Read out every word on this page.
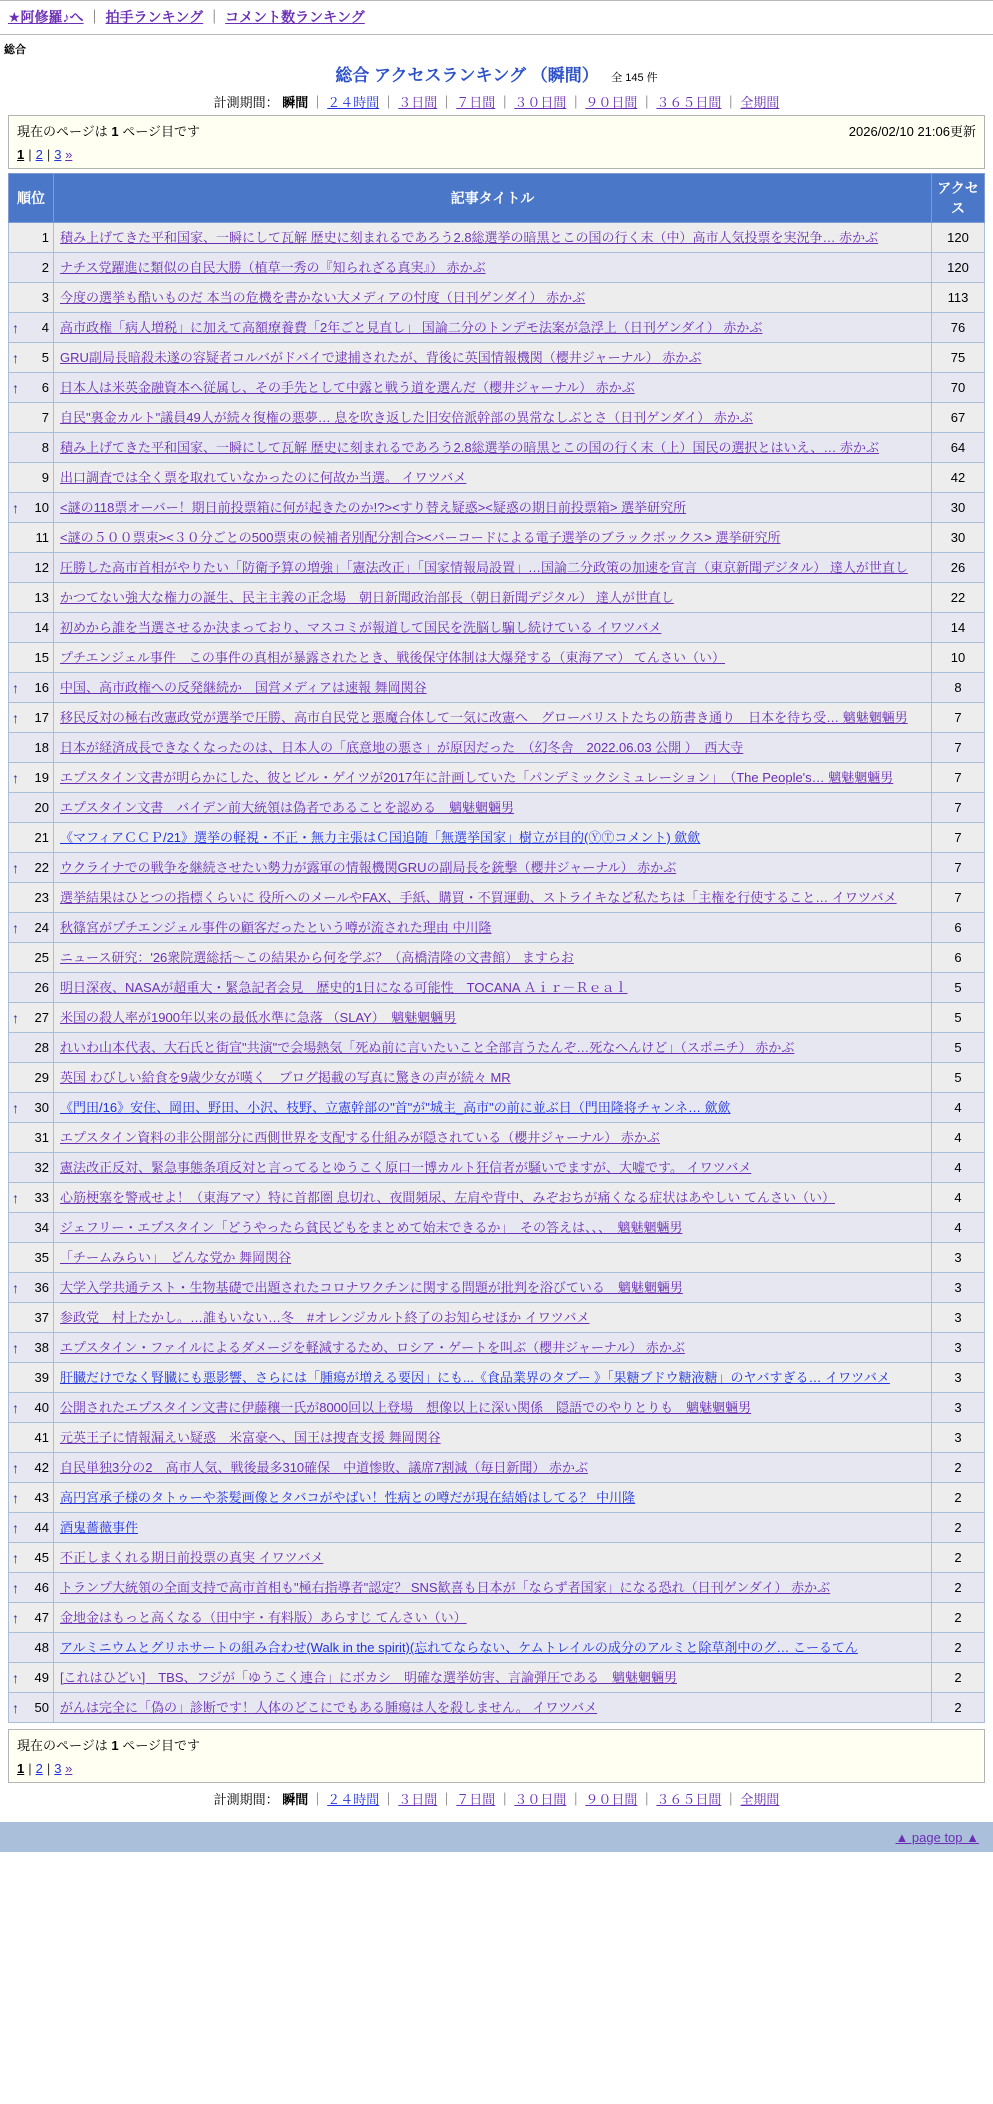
★阿修羅♪へ ｜ 拍手ランキング ｜ コメント数ランキング
総合
総合 アクセスランキング （瞬間） 全 145 件
計測期間： 瞬間 ｜ ２４時間 ｜ ３日間 ｜ ７日間 ｜ ３０日間 ｜ ９０日間 ｜ ３６５日間 ｜ 全期間
現在のページは 1 ページ目です	2026/02/10 21:06更新
1 | 2 | 3 »
順位	記事タイトル	アクセス

1	積み上げてきた平和国家、一瞬にして瓦解 歴史に刻まれるであろう2.8総選挙の暗黒とこの国の行く末（中）高市人気投票を実況争… 赤かぶ	120

2	ナチス党躍進に類似の自民大勝（植草一秀の『知られざる真実』） 赤かぶ	120

3	今度の選挙も酷いものだ 本当の危機を書かない大メディアの忖度（日刊ゲンダイ） 赤かぶ	113

↑ 4	高市政権「病人増税」に加えて高額療養費「2年ごと見直し」 国論二分のトンデモ法案が急浮上（日刊ゲンダイ） 赤かぶ	76

↑ 5	GRU副局長暗殺未遂の容疑者コルバがドバイで逮捕されたが、背後に英国情報機関（櫻井ジャーナル） 赤かぶ	75

↑ 6	日本人は米英金融資本へ従属し、その手先として中露と戦う道を選んだ（櫻井ジャーナル） 赤かぶ	70

7	自民"裏金カルト"議員49人が続々復権の悪夢… 息を吹き返した旧安倍派幹部の異常なしぶとさ（日刊ゲンダイ） 赤かぶ	67

8	積み上げてきた平和国家、一瞬にして瓦解 歴史に刻まれるであろう2.8総選挙の暗黒とこの国の行く末（上）国民の選択とはいえ、… 赤かぶ	64

9	出口調査では全く票を取れていなかったのに何故か当選。 イワツバメ	42

↑ 10	<謎の118票オーバー！期日前投票箱に何が起きたのか!?><すり替え疑惑><疑惑の期日前投票箱> 選挙研究所	30

11	<謎の５００票束><３０分ごとの500票束の候補者別配分割合><バーコードによる電子選挙のブラックボックス> 選挙研究所	30

12	圧勝した高市首相がやりたい「防衛予算の増強」「憲法改正」「国家情報局設置」…国論二分政策の加速を宣言（東京新聞デジタル） 達人が世直し	26

13	かつてない強大な権力の誕生、民主主義の正念場　朝日新聞政治部長（朝日新聞デジタル） 達人が世直し	22

14	初めから誰を当選させるか決まっており、マスコミが報道して国民を洗脳し騙し続けている イワツバメ	14

15	プチエンジェル事件　この事件の真相が暴露されたとき、戦後保守体制は大爆発する（東海アマ） てんさい（い）	10

↑ 16	中国、高市政権への反発継続か　国営メディアは速報 舞岡関谷	8

↑ 17	移民反対の極右改憲政党が選挙で圧勝、高市自民党と悪魔合体して一気に改憲へ　グローバリストたちの筋書き通り　日本を待ち受… 魑魅魍魎男	7

18	日本が経済成長できなくなったのは、日本人の「底意地の悪さ」が原因だった　（幻冬舎　2022.06.03 公開 ）　西大寺	7

↑ 19	エプスタイン文書が明らかにした、彼とビル・ゲイツが2017年に計画していた「パンデミックシミュレーション」　（The People's… 魑魅魍魎男	7

20	エプスタイン文書　バイデン前大統領は偽者であることを認める　魑魅魍魎男	7

21	《マフィアＣＣＰ/21》選挙の軽視・不正・無力主張はＣ国追随「無選挙国家」樹立が目的(ⓎⓉコメント) 歛歛	7

↑ 22	ウクライナでの戦争を継続させたい勢力が露軍の情報機関GRUの副局長を銃撃（櫻井ジャーナル） 赤かぶ	7

23	選挙結果はひとつの指標くらいに 役所へのメールやFAX、手紙、購買・不買運動、ストライキなど私たちは「主権を行使すること… イワツバメ	7

↑ 24	秋篠宮がプチエンジェル事件の顧客だったという噂が流された理由 中川隆	6

25	ニュース研究：'26衆院選総括～この結果から何を学ぶ？（高橋清隆の文書館） ますらお	6

26	明日深夜、NASAが超重大・緊急記者会見　歴史的1日になる可能性　TOCANA Ａｉｒ－Ｒｅａｌ	5

↑ 27	米国の殺人率が1900年以来の最低水準に急落 （SLAY）　魑魅魍魎男	5

28	れいわ山本代表、大石氏と街宣"共演"で会場熱気「死ぬ前に言いたいこと全部言うたんぞ…死なへんけど」（スポニチ） 赤かぶ	5

29	英国 わびしい給食を9歳少女が嘆く　ブログ掲載の写真に驚きの声が続々 MR	5

↑ 30	《門田/16》安住、岡田、野田、小沢、枝野、立憲幹部の"首"が"城主_高市"の前に並ぶ日（門田隆将チャンネ… 歛歛	4

31	エプスタイン資料の非公開部分に西側世界を支配する仕組みが隠されている（櫻井ジャーナル） 赤かぶ	4

32	憲法改正反対、緊急事態条項反対と言ってるとゆうこく原口一博カルト狂信者が騒いでますが、大嘘です。 イワツバメ	4

↑ 33	心筋梗塞を警戒せよ！（東海アマ）特に首都圏 息切れ、夜間頻尿、左肩や背中、みぞおちが痛くなる症状はあやしい てんさい（い）	4

34	ジェフリー・エプスタイン「どうやったら貧民どもをまとめて始末できるか」　その答えは、、、　魑魅魍魎男	4

35	「チームみらい」　どんな党か 舞岡関谷	3

↑ 36	大学入学共通テスト・生物基礎で出題されたコロナワクチンに関する問題が批判を浴びている　魑魅魍魎男	3

37	参政党　村上たかし。…誰もいない…冬　#オレンジカルト終了のお知らせほか イワツバメ	3

↑ 38	エプスタイン・ファイルによるダメージを軽減するため、ロシア・ゲートを叫ぶ（櫻井ジャーナル） 赤かぶ	3

39	肝臓だけでなく腎臓にも悪影響、さらには「腫瘍が増える要因」にも...《食品業界のタブー 》「果糖ブドウ糖液糖」のヤバすぎる… イワツバメ	3

↑ 40	公開されたエプスタイン文書に伊藤穰一氏が8000回以上登場　想像以上に深い関係　隠語でのやりとりも　魑魅魍魎男	3

41	元英王子に情報漏えい疑惑　米富豪へ、国王は捜査支援 舞岡関谷	3

↑ 42	自民単独3分の2　高市人気、戦後最多310確保　中道惨敗、議席7割減（毎日新聞） 赤かぶ	2

↑ 43	高円宮承子様のタトゥーや茶髪画像とタバコがやばい！性病との噂だが現在結婚はしてる？ 中川隆	2

↑ 44	酒鬼薔薇事件	2

↑ 45	不正しまくれる期日前投票の真実 イワツバメ	2

↑ 46	トランプ大統領の全面支持で高市首相も"極右指導者"認定？ SNS歓喜も日本が「ならず者国家」になる恐れ（日刊ゲンダイ） 赤かぶ	2

↑ 47	金地金はもっと高くなる（田中宇・有料版）あらすじ てんさい（い）	2

48	アルミニウムとグリホサートの組み合わせ(Walk in the spirit)(忘れてならない、ケムトレイルの成分のアルミと除草剤中のグ… こーるてん	2

↑ 49	[これはひどい]　TBS、フジが「ゆうこく連合」にボカシ　明確な選挙妨害、言論弾圧である　魑魅魍魎男	2

↑ 50	がんは完全に「偽の」診断です！人体のどこにでもある腫瘍は人を殺しません。 イワツバメ	2
現在のページは 1 ページ目です
1 | 2 | 3 »
計測期間： 瞬間 ｜ ２４時間 ｜ ３日間 ｜ ７日間 ｜ ３０日間 ｜ ９０日間 ｜ ３６５日間 ｜ 全期間
▲ page top ▲
